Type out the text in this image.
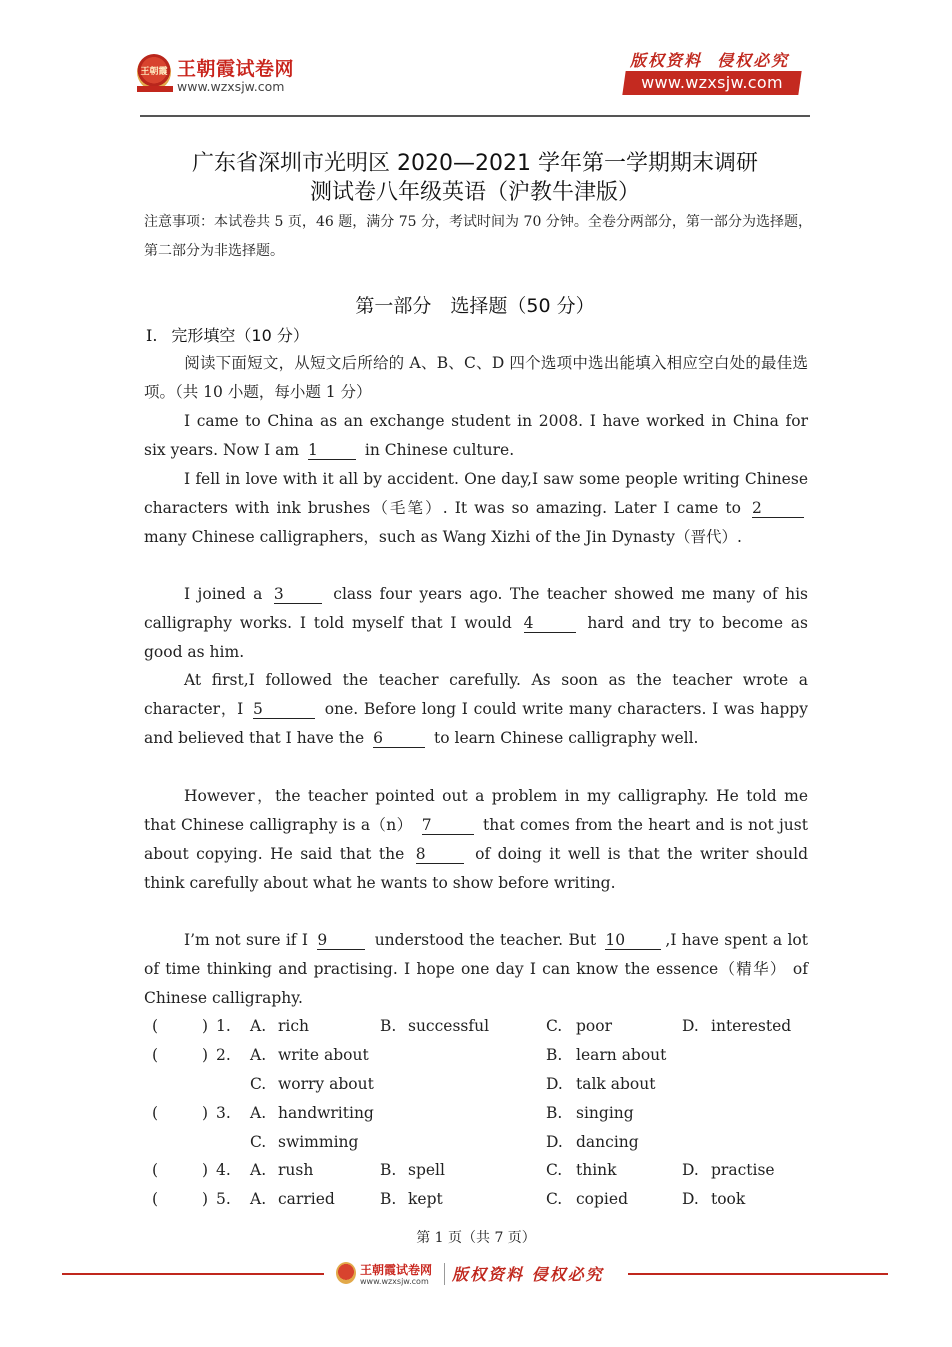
王朝霞 王朝霞试卷网
www.wzxsjw.com
版权资料  侵权必究
www.wzxsjw.com
广东省深圳市光明区 2020—2021 学年第一学期期末调研
测试卷八年级英语（沪教牛津版）
注意事项：本试卷共 5 页，46 题，满分 75 分，考试时间为 70 分钟。全卷分两部分，第一部分为选择题，第二部分为非选择题。
第一部分　选择题（50 分）
Ⅰ. 完形填空（10 分）
阅读下面短文，从短文后所给的 A、B、C、D 四个选项中选出能填入相应空白处的最佳选项。（共 10 小题，每小题 1 分）
I came to China as an exchange student in 2008. I have worked in China for six years. Now I am 1	in Chinese culture.
I fell in love with it all by accident. One day,I saw some people writing Chinese characters with ink brushes（毛笔）. It was so amazing. Later I came to 2 many Chinese calligraphers，such as Wang Xizhi of the Jin Dynasty（晋代）.
I joined a 3	class four years ago. The teacher showed me many of his calligraphy works. I told myself that I would 4	hard and try to become as good as him.
At first,I followed the teacher carefully. As soon as the teacher wrote a character，I 5	one. Before long I could write many characters. I was happy and believed that I have the 6	to learn Chinese calligraphy well.
However，the teacher pointed out a problem in my calligraphy. He told me that Chinese calligraphy is a（n） 7	that comes from the heart and is not just about copying. He said that the 8	of doing it well is that the writer should think carefully about what he wants to show before writing.
I’m not sure if I 9	understood the teacher. But 10	,I have spent a lot of time thinking and practising. I hope one day I can know the essence（精华） of Chinese calligraphy.
(	) 1. A. rich	B. successful	C. poor	D. interested
(	) 2. A. write about	B. learn about
C. worry about	D. talk about
(	) 3. A. handwriting	B. singing
C. swimming	D. dancing
(	) 4. A. rush	B. spell	C. think	D. practise
(	) 5. A. carried	B. kept	C. copied	D. took
第 1 页（共 7 页）
王朝霞试卷网
www.wzxsjw.com 版权资料 侵权必究
